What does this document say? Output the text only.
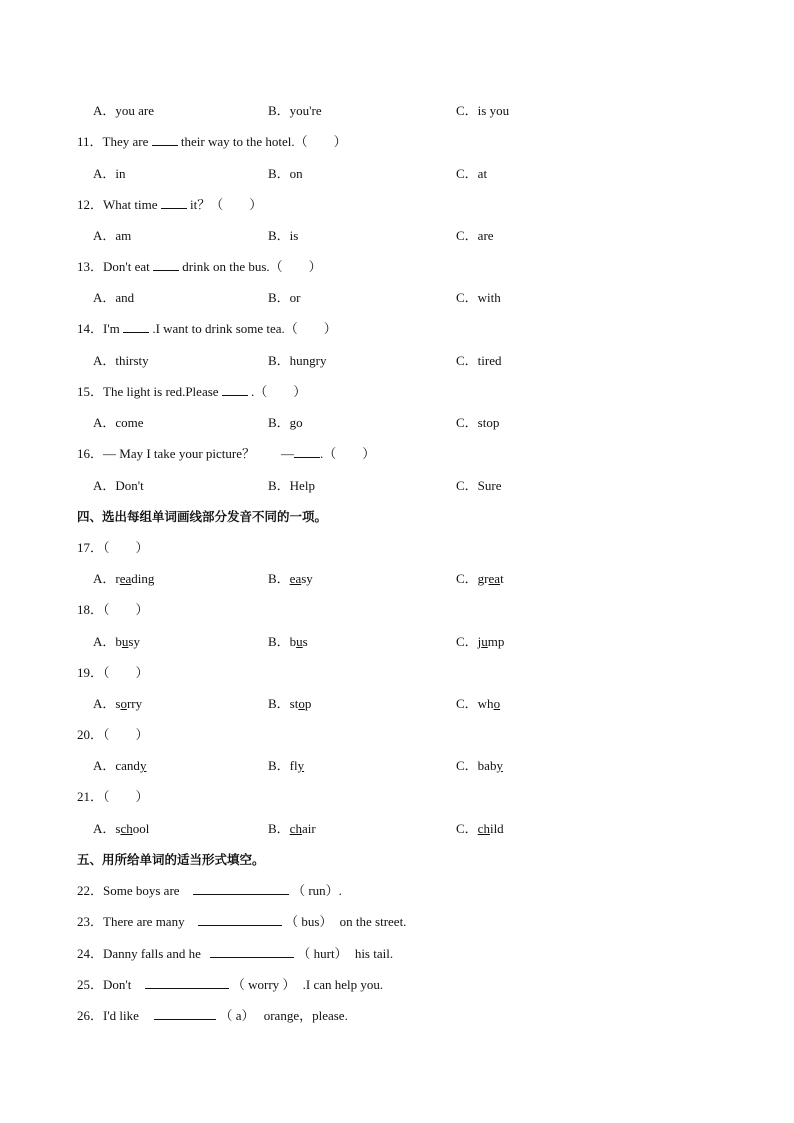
A．you are	B．you're	C．is you
11．They are	their way to the hotel.（　　）
A．in	B．on	C．at
12．What time	it？（　　）
A．am	B．is	C．are
13．Don't eat	drink on the bus.（　　）
A．and	B．or	C．with
14．I'm	.I want to drink some tea.（　　）
A．thirsty	B．hungry	C．tired
15．The light is red.Please	.（　　）
A．come	B．go	C．stop
16．— May I take your picture？　　— .（　　）
A．Don't	B．Help	C．Sure
四、选出每组单词画线部分发音不同的一项。
17．（　　）
A．reading	B．easy	C．great
18．（　　）
A．busy	B．bus	C．jump
19．（　　）
A．sorry	B．stop	C．who
20．（　　）
A．candy	B．fly	C．baby
21．（　　）
A．school	B．chair	C．child
五、用所给单词的适当形式填空。
22．Some boys are	（ run）.
23．There are many	（ bus） on the street.
24．Danny falls and he	（ hurt） his tail.
25．Don't	（ worry ） .I can help you.
26．I'd like	（ a） orange，please.
